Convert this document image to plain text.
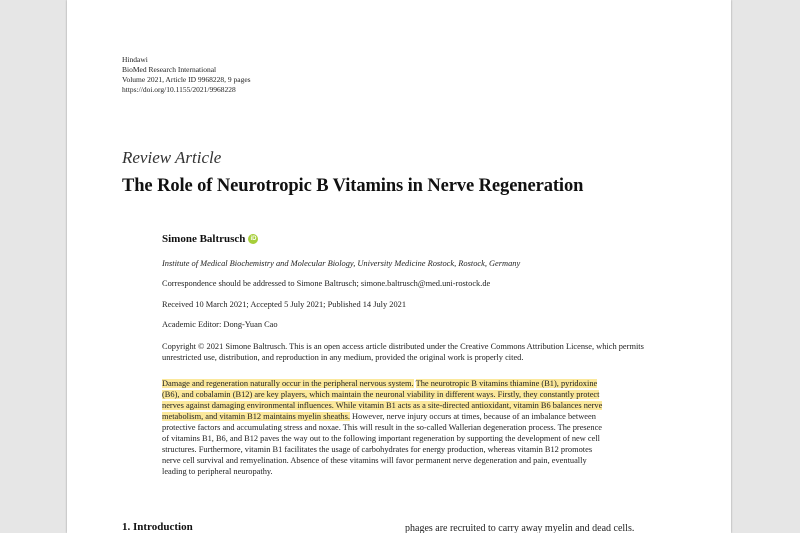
Hindawi
BioMed Research International
Volume 2021, Article ID 9968228, 9 pages
https://doi.org/10.1155/2021/9968228
Review Article
The Role of Neurotropic B Vitamins in Nerve Regeneration
Simone Baltrusch iD
Institute of Medical Biochemistry and Molecular Biology, University Medicine Rostock, Rostock, Germany
Correspondence should be addressed to Simone Baltrusch; simone.baltrusch@med.uni-rostock.de
Received 10 March 2021; Accepted 5 July 2021; Published 14 July 2021
Academic Editor: Dong-Yuan Cao
Copyright © 2021 Simone Baltrusch. This is an open access article distributed under the Creative Commons Attribution License, which permits unrestricted use, distribution, and reproduction in any medium, provided the original work is properly cited.
Damage and regeneration naturally occur in the peripheral nervous system. The neurotropic B vitamins thiamine (B1), pyridoxine
(B6), and cobalamin (B12) are key players, which maintain the neuronal viability in different ways. Firstly, they constantly protect
nerves against damaging environmental influences. While vitamin B1 acts as a site-directed antioxidant, vitamin B6 balances nerve
metabolism, and vitamin B12 maintains myelin sheaths. However, nerve injury occurs at times, because of an imbalance between
protective factors and accumulating stress and noxae. This will result in the so-called Wallerian degeneration process. The presence
of vitamins B1, B6, and B12 paves the way out to the following important regeneration by supporting the development of new cell
structures. Furthermore, vitamin B1 facilitates the usage of carbohydrates for energy production, whereas vitamin B12 promotes
nerve cell survival and remyelination. Absence of these vitamins will favor permanent nerve degeneration and pain, eventually
leading to peripheral neuropathy.
1. Introduction	phages are recruited to carry away myelin and dead cells.
